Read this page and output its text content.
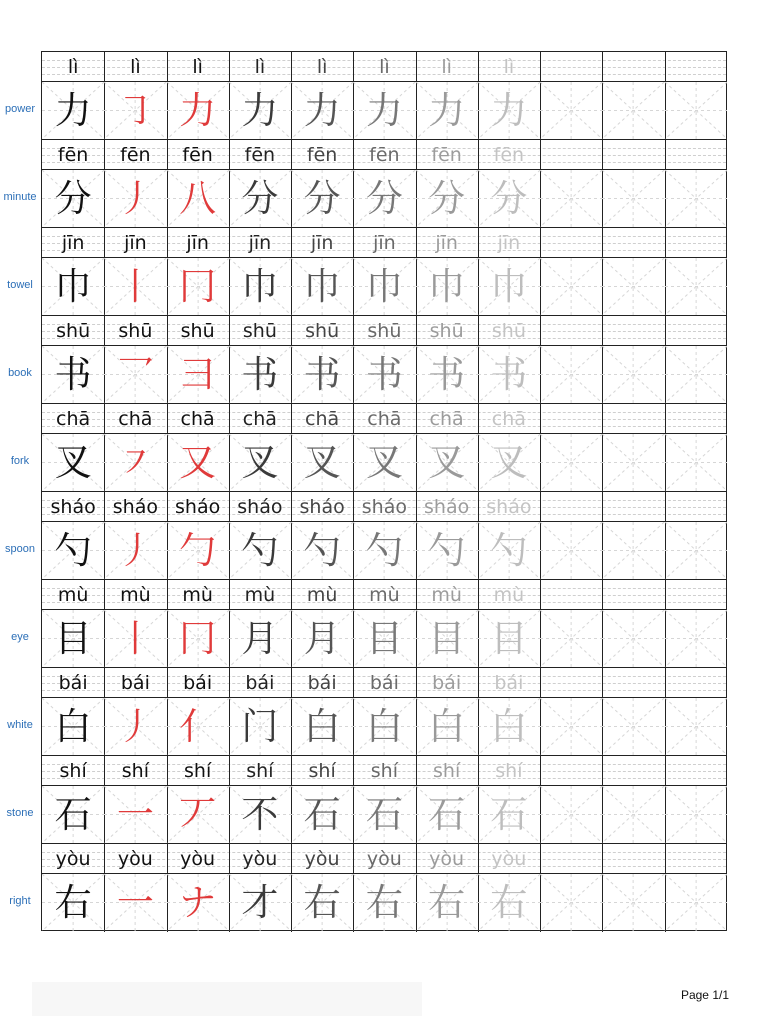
lì
力
lì
㇆
lì
力
lì
力
lì
力
lì
力
lì
力
lì
力
fēn
分
fēn
丿
fēn
八
fēn
分
fēn
分
fēn
分
fēn
分
fēn
分
jīn
巾
jīn
丨
jīn
冂
jīn
巾
jīn
巾
jīn
巾
jīn
巾
jīn
巾
shū
书
shū
乛
shū
⺕
shū
书
shū
书
shū
书
shū
书
shū
书
chā
叉
chā
㇇
chā
又
chā
叉
chā
叉
chā
叉
chā
叉
chā
叉
sháo
勺
sháo
丿
sháo
勹
sháo
勺
sháo
勺
sháo
勺
sháo
勺
sháo
勺
mù
目
mù
丨
mù
冂
mù
月
mù
月
mù
目
mù
目
mù
目
bái
白
bái
丿
bái
亻
bái
门
bái
白
bái
白
bái
白
bái
白
shí
石
shí
一
shí
丆
shí
不
shí
石
shí
石
shí
石
shí
石
yòu
右
yòu
一
yòu
ナ
yòu
才
yòu
右
yòu
右
yòu
右
yòu
右
power
minute
towel
book
fork
spoon
eye
white
stone
right
Page 1/1
